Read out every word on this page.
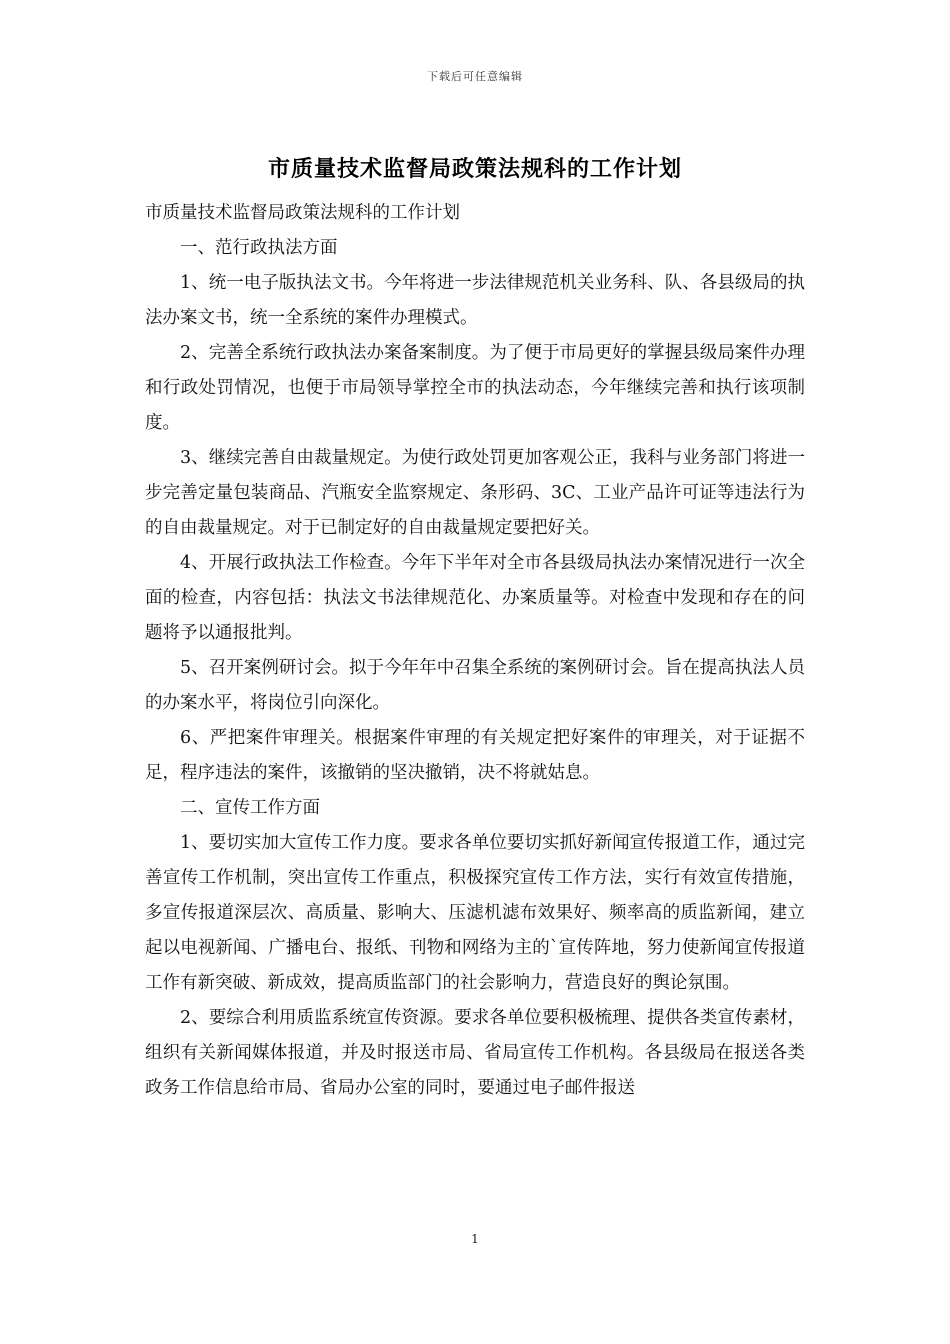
下载后可任意编辑
市质量技术监督局政策法规科的工作计划

市质量技术监督局政策法规科的工作计划

一、范行政执法方面

1、统一电子版执法文书。今年将进一步法律规范机关业务科、队、各县级局的执法办案文书，统一全系统的案件办理模式。

2、完善全系统行政执法办案备案制度。为了便于市局更好的掌握县级局案件办理和行政处罚情况，也便于市局领导掌控全市的执法动态，今年继续完善和执行该项制度。

3、继续完善自由裁量规定。为使行政处罚更加客观公正，我科与业务部门将进一步完善定量包装商品、汽瓶安全监察规定、条形码、3C、工业产品许可证等违法行为的自由裁量规定。对于已制定好的自由裁量规定要把好关。

4、开展行政执法工作检查。今年下半年对全市各县级局执法办案情况进行一次全面的检查，内容包括：执法文书法律规范化、办案质量等。对检查中发现和存在的问题将予以通报批判。

5、召开案例研讨会。拟于今年年中召集全系统的案例研讨会。旨在提高执法人员的办案水平，将岗位引向深化。

6、严把案件审理关。根据案件审理的有关规定把好案件的审理关，对于证据不足，程序违法的案件，该撤销的坚决撤销，决不将就姑息。

二、宣传工作方面

1、要切实加大宣传工作力度。要求各单位要切实抓好新闻宣传报道工作，通过完善宣传工作机制，突出宣传工作重点，积极探究宣传工作方法，实行有效宣传措施，多宣传报道深层次、高质量、影响大、压滤机滤布效果好、频率高的质监新闻，建立起以电视新闻、广播电台、报纸、刊物和网络为主的`宣传阵地，努力使新闻宣传报道工作有新突破、新成效，提高质监部门的社会影响力，营造良好的舆论氛围。

2、要综合利用质监系统宣传资源。要求各单位要积极梳理、提供各类宣传素材，组织有关新闻媒体报道，并及时报送市局、省局宣传工作机构。各县级局在报送各类政务工作信息给市局、省局办公室的同时，要通过电子邮件报送

1
